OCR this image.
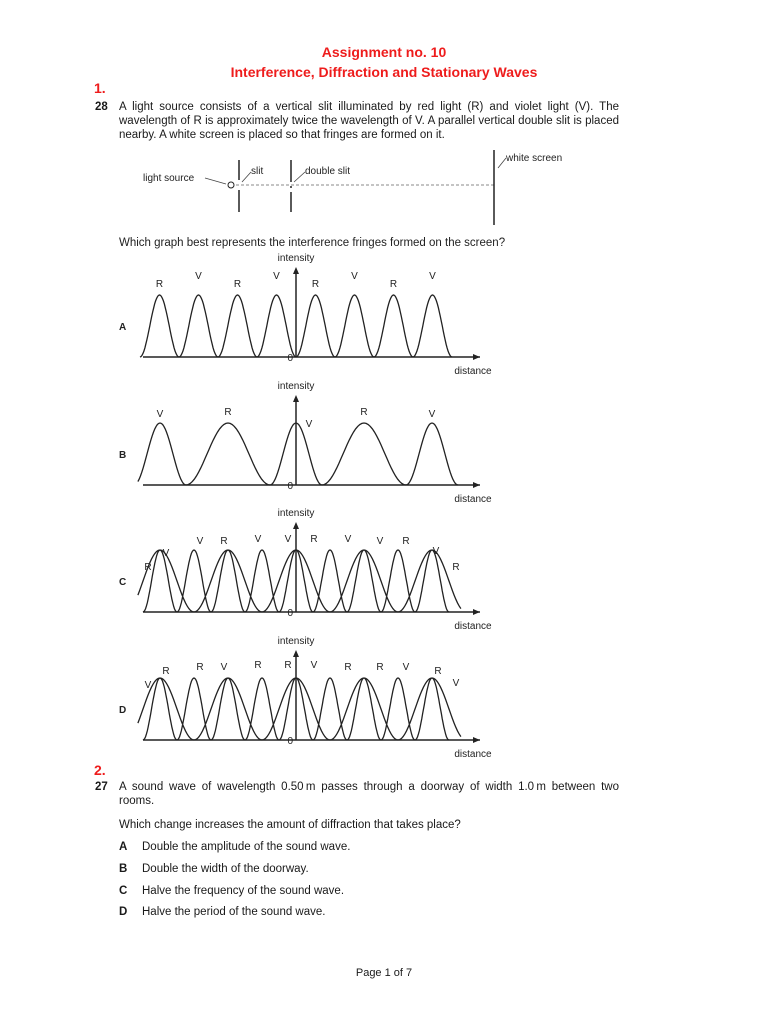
Assignment no. 10
Interference, Diffraction and Stationary Waves
1.
28 A light source consists of a vertical slit illuminated by red light (R) and violet light (V). The wavelength of R is approximately twice the wavelength of V. A parallel vertical double slit is placed nearby. A white screen is placed so that fringes are formed on it.
light source
slit	double slit
white screen
Which graph best represents the interference fringes formed on the screen?
intensity
distance
0
A
R
V
R
V
R
V
R
V
intensity
distance
0
B
V	R
V
R	V
intensity
distance
0
C
R
V
V R	V V R	V	V R
V
R
intensity
distance
0
D
V
R	R V	R R V	R R V	R
V
2.
27 A sound wave of wavelength 0.50 m passes through a doorway of width 1.0 m between two rooms.
Which change increases the amount of diffraction that takes place?
A Double the amplitude of the sound wave.
B Double the width of the doorway.
C Halve the frequency of the sound wave.
D Halve the period of the sound wave.
Page 1 of 7
